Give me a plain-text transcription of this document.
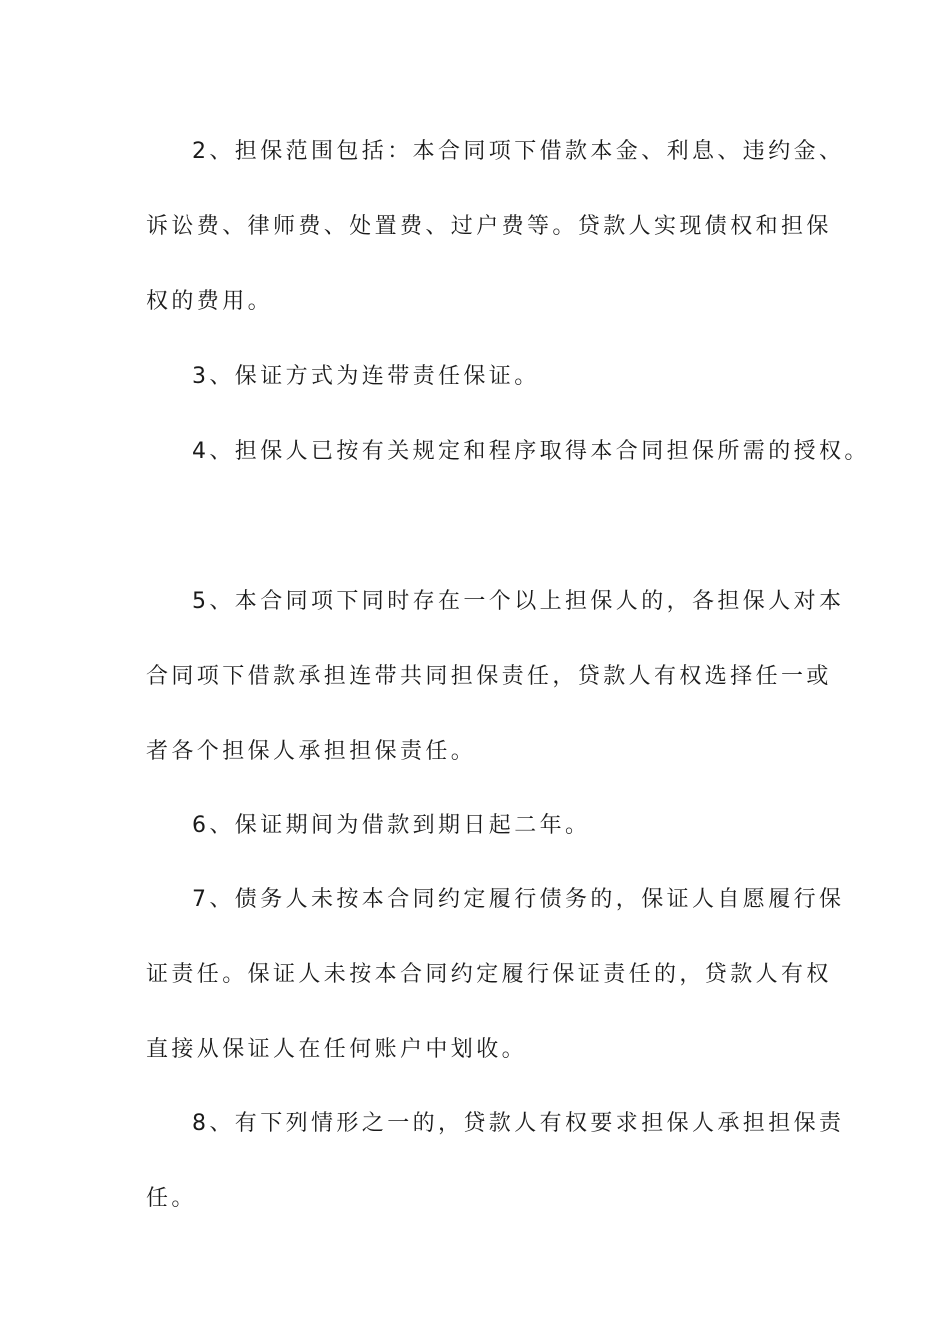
2、担保范围包括：本合同项下借款本金、利息、违约金、
诉讼费、律师费、处置费、过户费等。贷款人实现债权和担保
权的费用。
3、保证方式为连带责任保证。
4、担保人已按有关规定和程序取得本合同担保所需的授权。
5、本合同项下同时存在一个以上担保人的，各担保人对本
合同项下借款承担连带共同担保责任，贷款人有权选择任一或
者各个担保人承担担保责任。
6、保证期间为借款到期日起二年。
7、债务人未按本合同约定履行债务的，保证人自愿履行保
证责任。保证人未按本合同约定履行保证责任的，贷款人有权
直接从保证人在任何账户中划收。
8、有下列情形之一的，贷款人有权要求担保人承担担保责
任。
